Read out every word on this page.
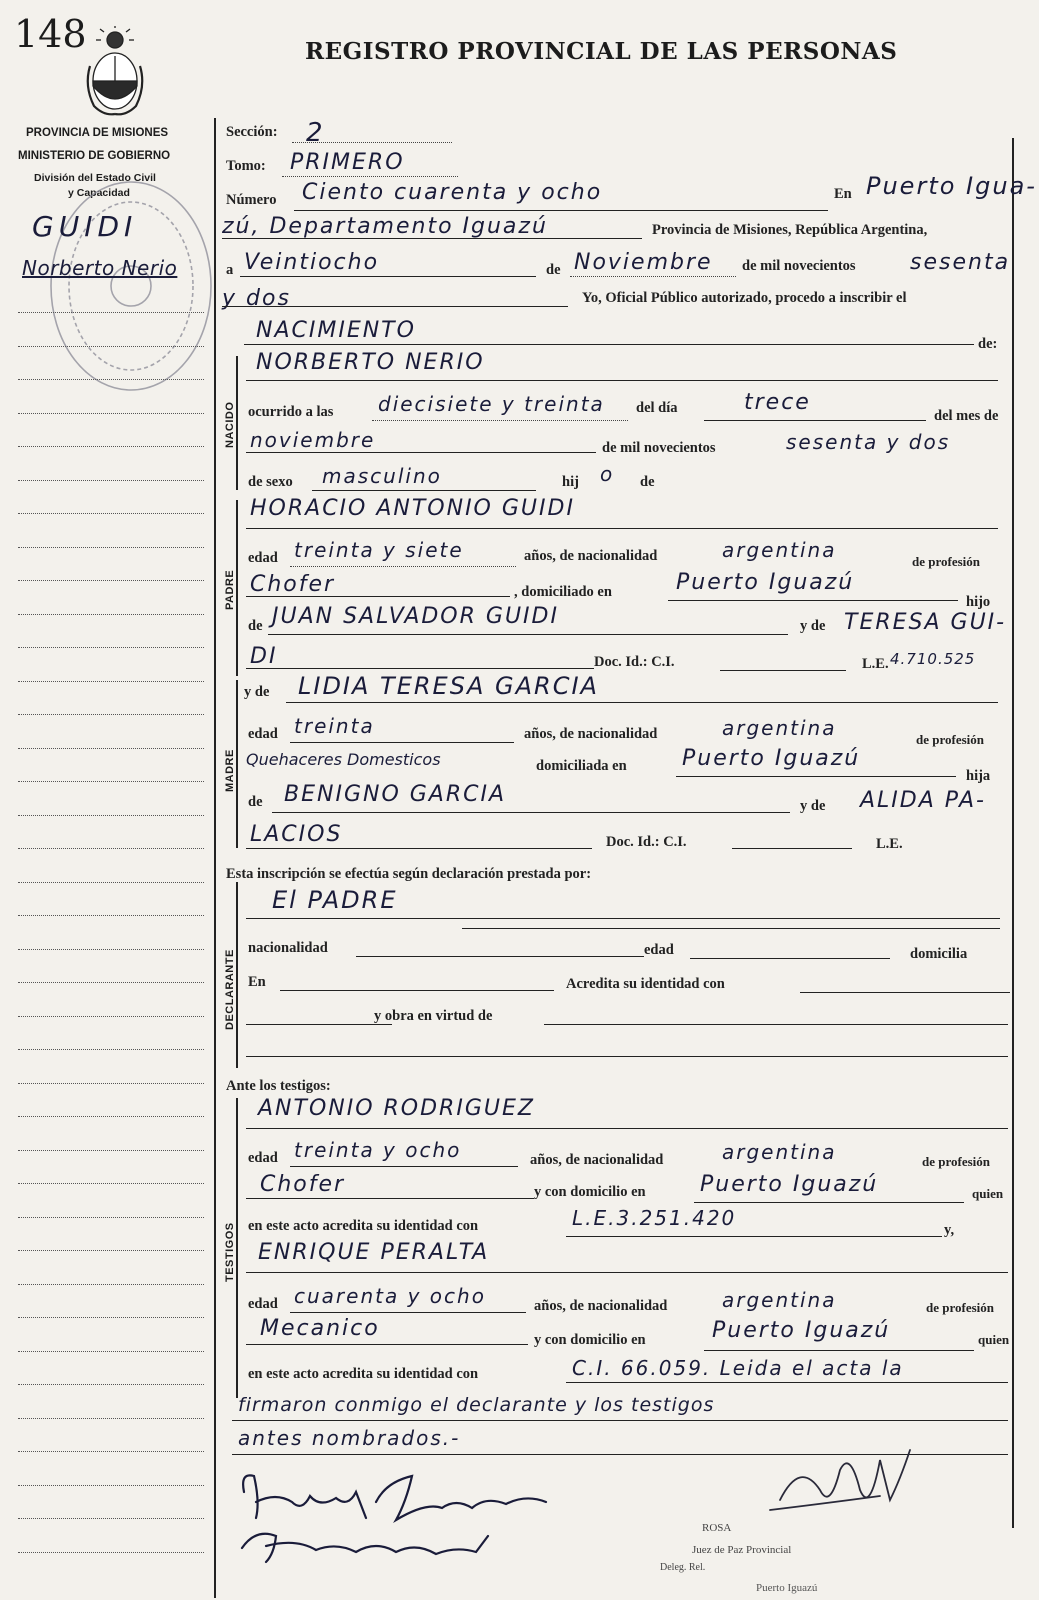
148	REGISTRO PROVINCIAL DE LAS PERSONAS
PROVINCIA DE MISIONES
MINISTERIO DE GOBIERNO
División del Estado Civil
y Capacidad
GUIDI
Norberto Nerio
Sección: 2
Tomo: PRIMERO
Número Ciento cuarenta y ocho	En Puerto Igua-
zú, Departamento Iguazú	Provincia de Misiones, República Argentina,
a Veintiocho	de Noviembre de mil novecientos sesenta
y dos	Yo, Oficial Público autorizado, procedo a inscribir el
NACIMIENTO
de:
NACIDO
NORBERTO NERIO
ocurrido a las diecisiete y treinta del día	trece
del mes de
noviembre	de mil novecientos	sesenta y dos
de sexo masculino	hij o de
PADRE
HORACIO ANTONIO GUIDI
edad treinta y siete	años, de nacionalidad	argentina	de profesión
Chofer	, domiciliado en	Puerto Iguazú
hijo
de JUAN SALVADOR GUIDI	y de TERESA GUI-
DI	Doc. Id.: C.I.	L.E. 4.710.525
MADRE
y de LIDIA TERESA GARCIA
edad treinta	años, de nacionalidad	argentina	de profesión
Quehaceres Domesticos	domiciliada en	Puerto Iguazú
hija
de BENIGNO GARCIA	y de ALIDA PA-
LACIOS	Doc. Id.: C.I.	L.E.
Esta inscripción se efectúa según declaración prestada por:
DECLARANTE
El PADRE
nacionalidad	edad	domicilia
En	Acredita su identidad con
y obra en virtud de
Ante los testigos:
TESTIGOS
ANTONIO RODRIGUEZ
edad treinta y ocho	años, de nacionalidad	argentina	de profesión
Chofer	y con domicilio en Puerto Iguazú	quien
en este acto acredita su identidad con	L.E.3.251.420	y,
ENRIQUE PERALTA
edad cuarenta y ocho	años, de nacionalidad	argentina	de profesión
Mecanico	y con domicilio en	Puerto Iguazú	quien
en este acto acredita su identidad con	C.I. 66.059. Leida el acta la
firmaron conmigo el declarante y los testigos
antes nombrados.-
ROSA
Juez de Paz Provincial
Deleg. Rel.
Puerto Iguazú
